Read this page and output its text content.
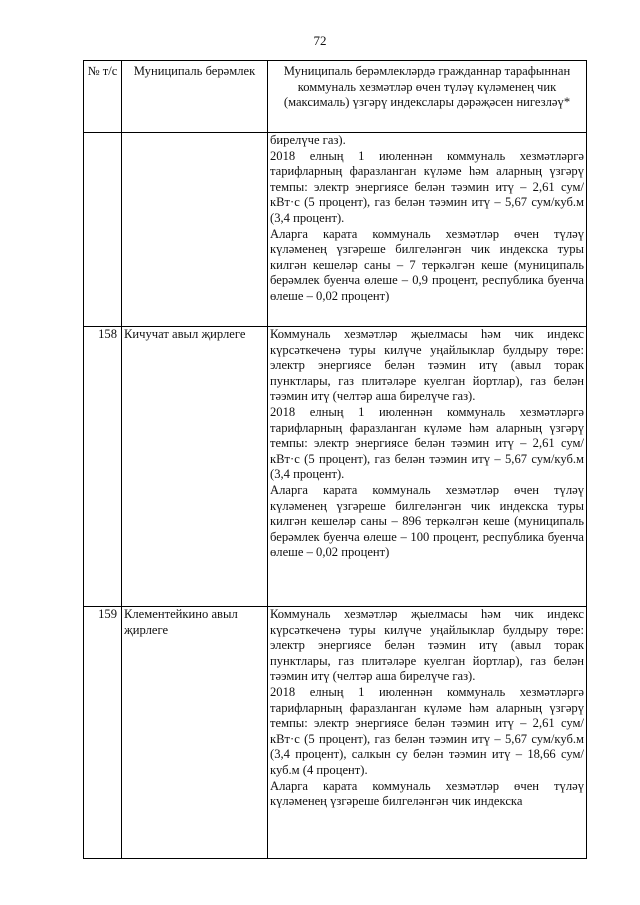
72
№ т/с	Муниципаль берәмлек	Муниципаль берәмлекләрдә гражданнар тарафыннан коммуналь хезмәтләр өчен түләү күләменең чик (максималь) үзгәрү индекслары дәрәҗәсен нигезләү*

		бирелүче газ).

2018 елның 1 июленнән коммуналь хезмәтләргә тарифларның фаразланган күләме һәм аларның үзгәрү темпы: электр энергиясе белән тәэмин итү – 2,61 сум/кВт·с (5 процент), газ белән тәэмин итү – 5,67 сум/куб.м (3,4 процент).

Аларга карата коммуналь хезмәтләр өчен түләү күләменең үзгәреше билгеләнгән чик индекска туры килгән кешеләр саны – 7 теркәлгән кеше (муниципаль берәмлек буенча өлеше – 0,9 процент, республика буенча өлеше – 0,02 процент)

158	Кичучат авыл җирлеге	Коммуналь хезмәтләр җыелмасы һәм чик индекс күрсәткеченә туры килүче уңайлыклар булдыру төре: электр энергиясе белән тәэмин итү (авыл торак пунктлары, газ плитәләре куелган йортлар), газ белән тәэмин итү (челтәр аша бирелүче газ).

2018 елның 1 июленнән коммуналь хезмәтләргә тарифларның фаразланган күләме һәм аларның үзгәрү темпы: электр энергиясе белән тәэмин итү – 2,61 сум/кВт·с (5 процент), газ белән тәэмин итү – 5,67 сум/куб.м (3,4 процент).

Аларга карата коммуналь хезмәтләр өчен түләү күләменең үзгәреше билгеләнгән чик индекска туры килгән кешеләр саны – 896 теркәлгән кеше (муниципаль берәмлек буенча өлеше – 100 процент, республика буенча өлеше – 0,02 процент)

159	Клементейкино авыл җирлеге	Коммуналь хезмәтләр җыелмасы һәм чик индекс күрсәткеченә туры килүче уңайлыклар булдыру төре: электр энергиясе белән тәэмин итү (авыл торак пунктлары, газ плитәләре куелган йортлар), газ белән тәэмин итү (челтәр аша бирелүче газ).

2018 елның 1 июленнән коммуналь хезмәтләргә тарифларның фаразланган күләме һәм аларның үзгәрү темпы: электр энергиясе белән тәэмин итү – 2,61 сум/кВт·с (5 процент), газ белән тәэмин итү – 5,67 сум/куб.м (3,4 процент), салкын су белән тәэмин итү – 18,66 сум/куб.м (4 процент).

Аларга карата коммуналь хезмәтләр өчен түләү күләменең үзгәреше билгеләнгән чик индекска
